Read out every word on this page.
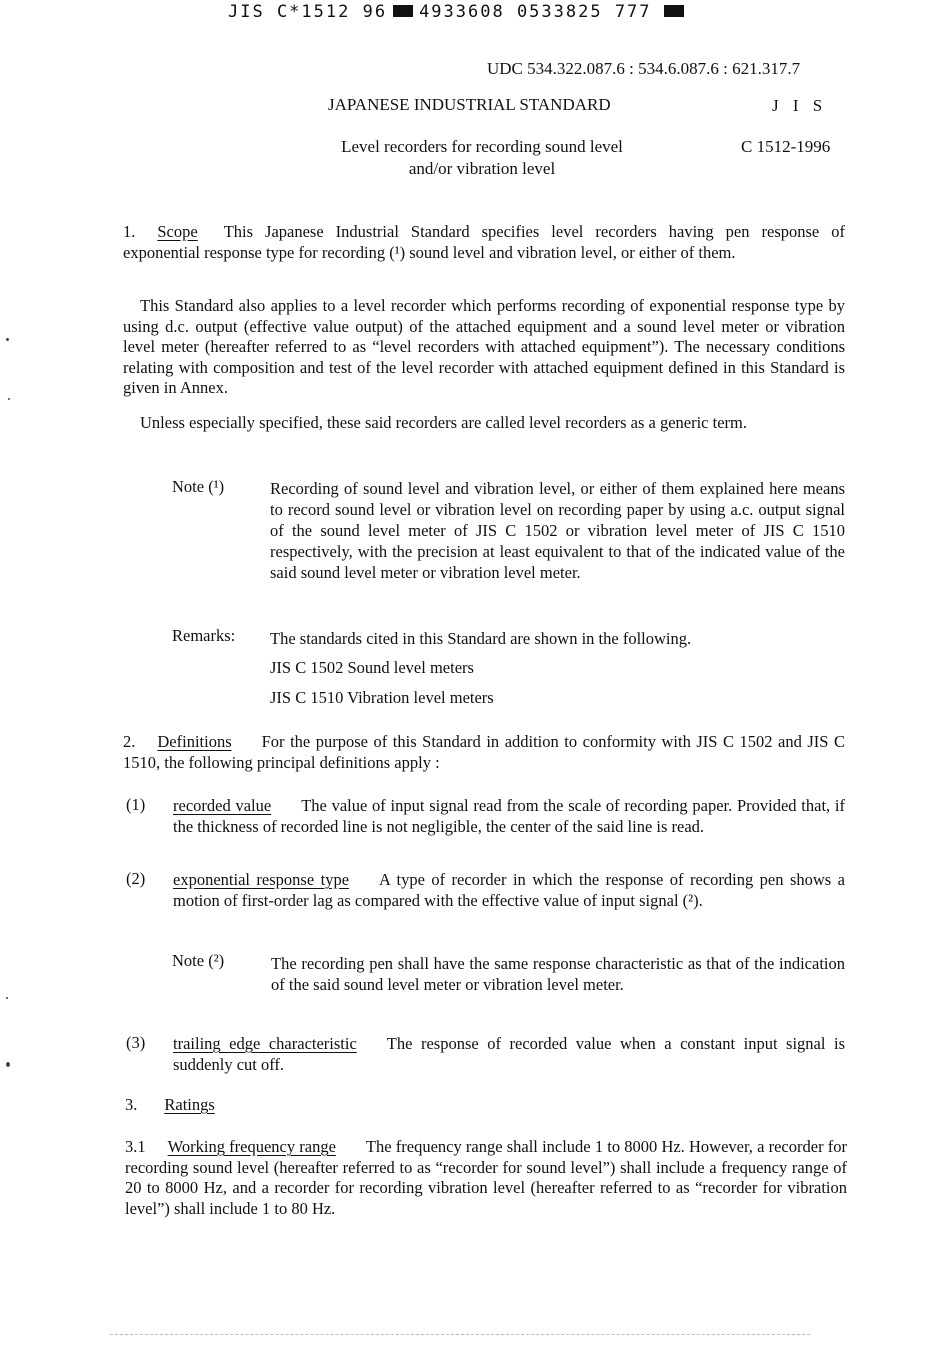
JIS C*1512 96 4933608 0533825 777
UDC 534.322.087.6 : 534.6.087.6 : 621.317.7
JAPANESE INDUSTRIAL STANDARD	J I S
Level recorders for recording sound level
and/or vibration level
C 1512-1996
1. Scope This Japanese Industrial Standard specifies level recorders having pen response of exponential response type for recording (¹) sound level and vibration level, or either of them.
This Standard also applies to a level recorder which performs recording of exponential response type by using d.c. output (effective value output) of the attached equipment and a sound level meter or vibration level meter (hereafter referred to as “level recorders with attached equipment”). The necessary conditions relating with composition and test of the level recorder with attached equipment defined in this Standard is given in Annex.
Unless especially specified, these said recorders are called level recorders as a generic term.
Note (¹)	Recording of sound level and vibration level, or either of them explained here means to record sound level or vibration level on recording paper by using a.c. output signal of the sound level meter of JIS C 1502 or vibration level meter of JIS C 1510 respectively, with the precision at least equivalent to that of the indicated value of the said sound level meter or vibration level meter.
Remarks: The standards cited in this Standard are shown in the following.
JIS C 1502 Sound level meters
JIS C 1510 Vibration level meters
2. Definitions For the purpose of this Standard in addition to conformity with JIS C 1502 and JIS C 1510, the following principal definitions apply :
(1) recorded value The value of input signal read from the scale of recording paper. Provided that, if the thickness of recorded line is not negligible, the center of the said line is read.
(2) exponential response type A type of recorder in which the response of recording pen shows a motion of first-order lag as compared with the effective value of input signal (²).
Note (²)	The recording pen shall have the same response characteristic as that of the indication of the said sound level meter or vibration level meter.
(3) trailing edge characteristic The response of recorded value when a constant input signal is suddenly cut off.
3. Ratings
3.1 Working frequency range The frequency range shall include 1 to 8000 Hz. However, a recorder for recording sound level (hereafter referred to as “recorder for sound level”) shall include a frequency range of 20 to 8000 Hz, and a recorder for recording vibration level (hereafter referred to as “recorder for vibration level”) shall include 1 to 80 Hz.
